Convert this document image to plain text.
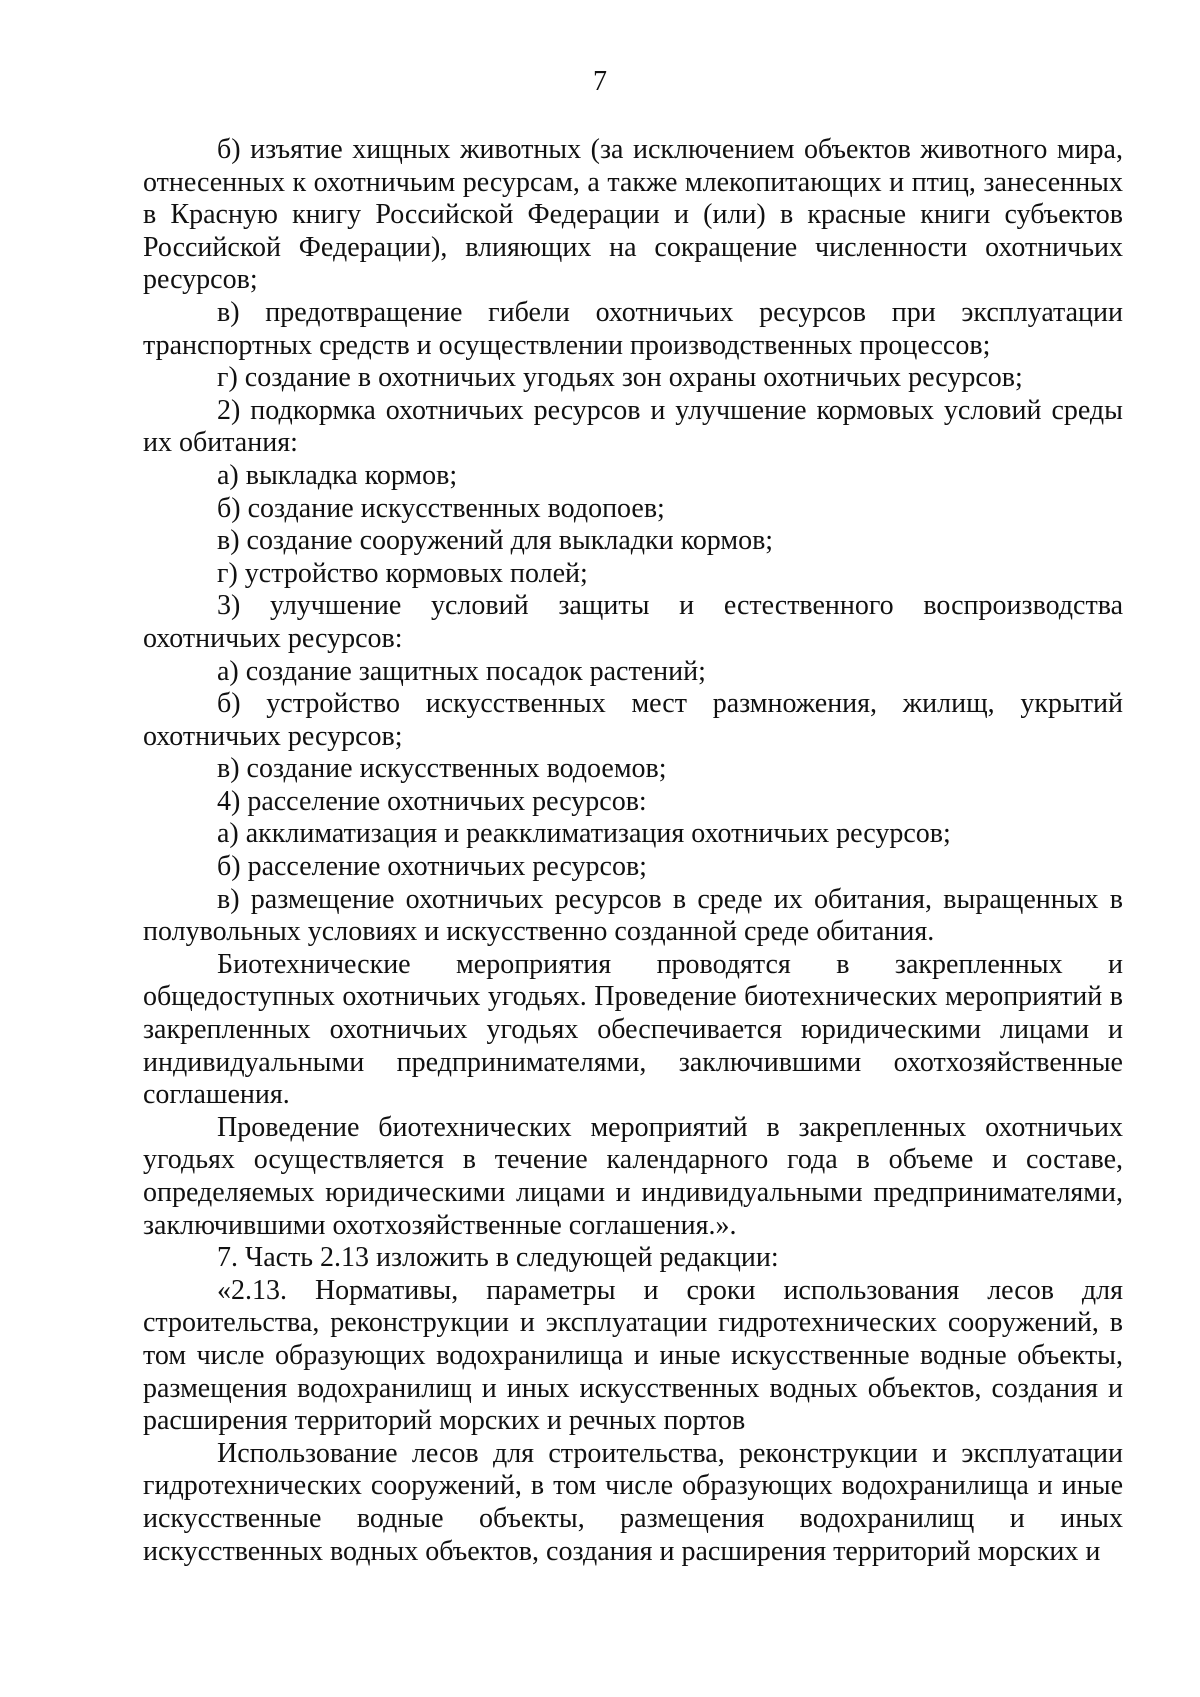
7

б) изъятие хищных животных (за исключением объектов животного мира, отнесенных к охотничьим ресурсам, а также млекопитающих и птиц, занесенных в Красную книгу Российской Федерации и (или) в красные книги субъектов Российской Федерации), влияющих на сокращение численности охотничьих ресурсов;

в) предотвращение гибели охотничьих ресурсов при эксплуатации транспортных средств и осуществлении производственных процессов;

г) создание в охотничьих угодьях зон охраны охотничьих ресурсов;

2) подкормка охотничьих ресурсов и улучшение кормовых условий среды их обитания:

а) выкладка кормов;

б) создание искусственных водопоев;

в) создание сооружений для выкладки кормов;

г) устройство кормовых полей;

3) улучшение условий защиты и естественного воспроизводства охотничьих ресурсов:

а) создание защитных посадок растений;

б) устройство искусственных мест размножения, жилищ, укрытий охотничьих ресурсов;

в) создание искусственных водоемов;

4) расселение охотничьих ресурсов:

а) акклиматизация и реакклиматизация охотничьих ресурсов;

б) расселение охотничьих ресурсов;

в) размещение охотничьих ресурсов в среде их обитания, выращенных в полувольных условиях и искусственно созданной среде обитания.

Биотехнические мероприятия проводятся в закрепленных и общедоступных охотничьих угодьях. Проведение биотехнических мероприятий в закрепленных охотничьих угодьях обеспечивается юридическими лицами и индивидуальными предпринимателями, заключившими охотхозяйственные соглашения.

Проведение биотехнических мероприятий в закрепленных охотничьих угодьях осуществляется в течение календарного года в объеме и составе, определяемых юридическими лицами и индивидуальными предпринимателями, заключившими охотхозяйственные соглашения.».

7. Часть 2.13 изложить в следующей редакции:

«2.13. Нормативы, параметры и сроки использования лесов для строительства, реконструкции и эксплуатации гидротехнических сооружений, в том числе образующих водохранилища и иные искусственные водные объекты, размещения водохранилищ и иных искусственных водных объектов, создания и расширения территорий морских и речных портов

Использование лесов для строительства, реконструкции и эксплуатации гидротехнических сооружений, в том числе образующих водохранилища и иные искусственные водные объекты, размещения водохранилищ и иных искусственных водных объектов, создания и расширения территорий морских и
